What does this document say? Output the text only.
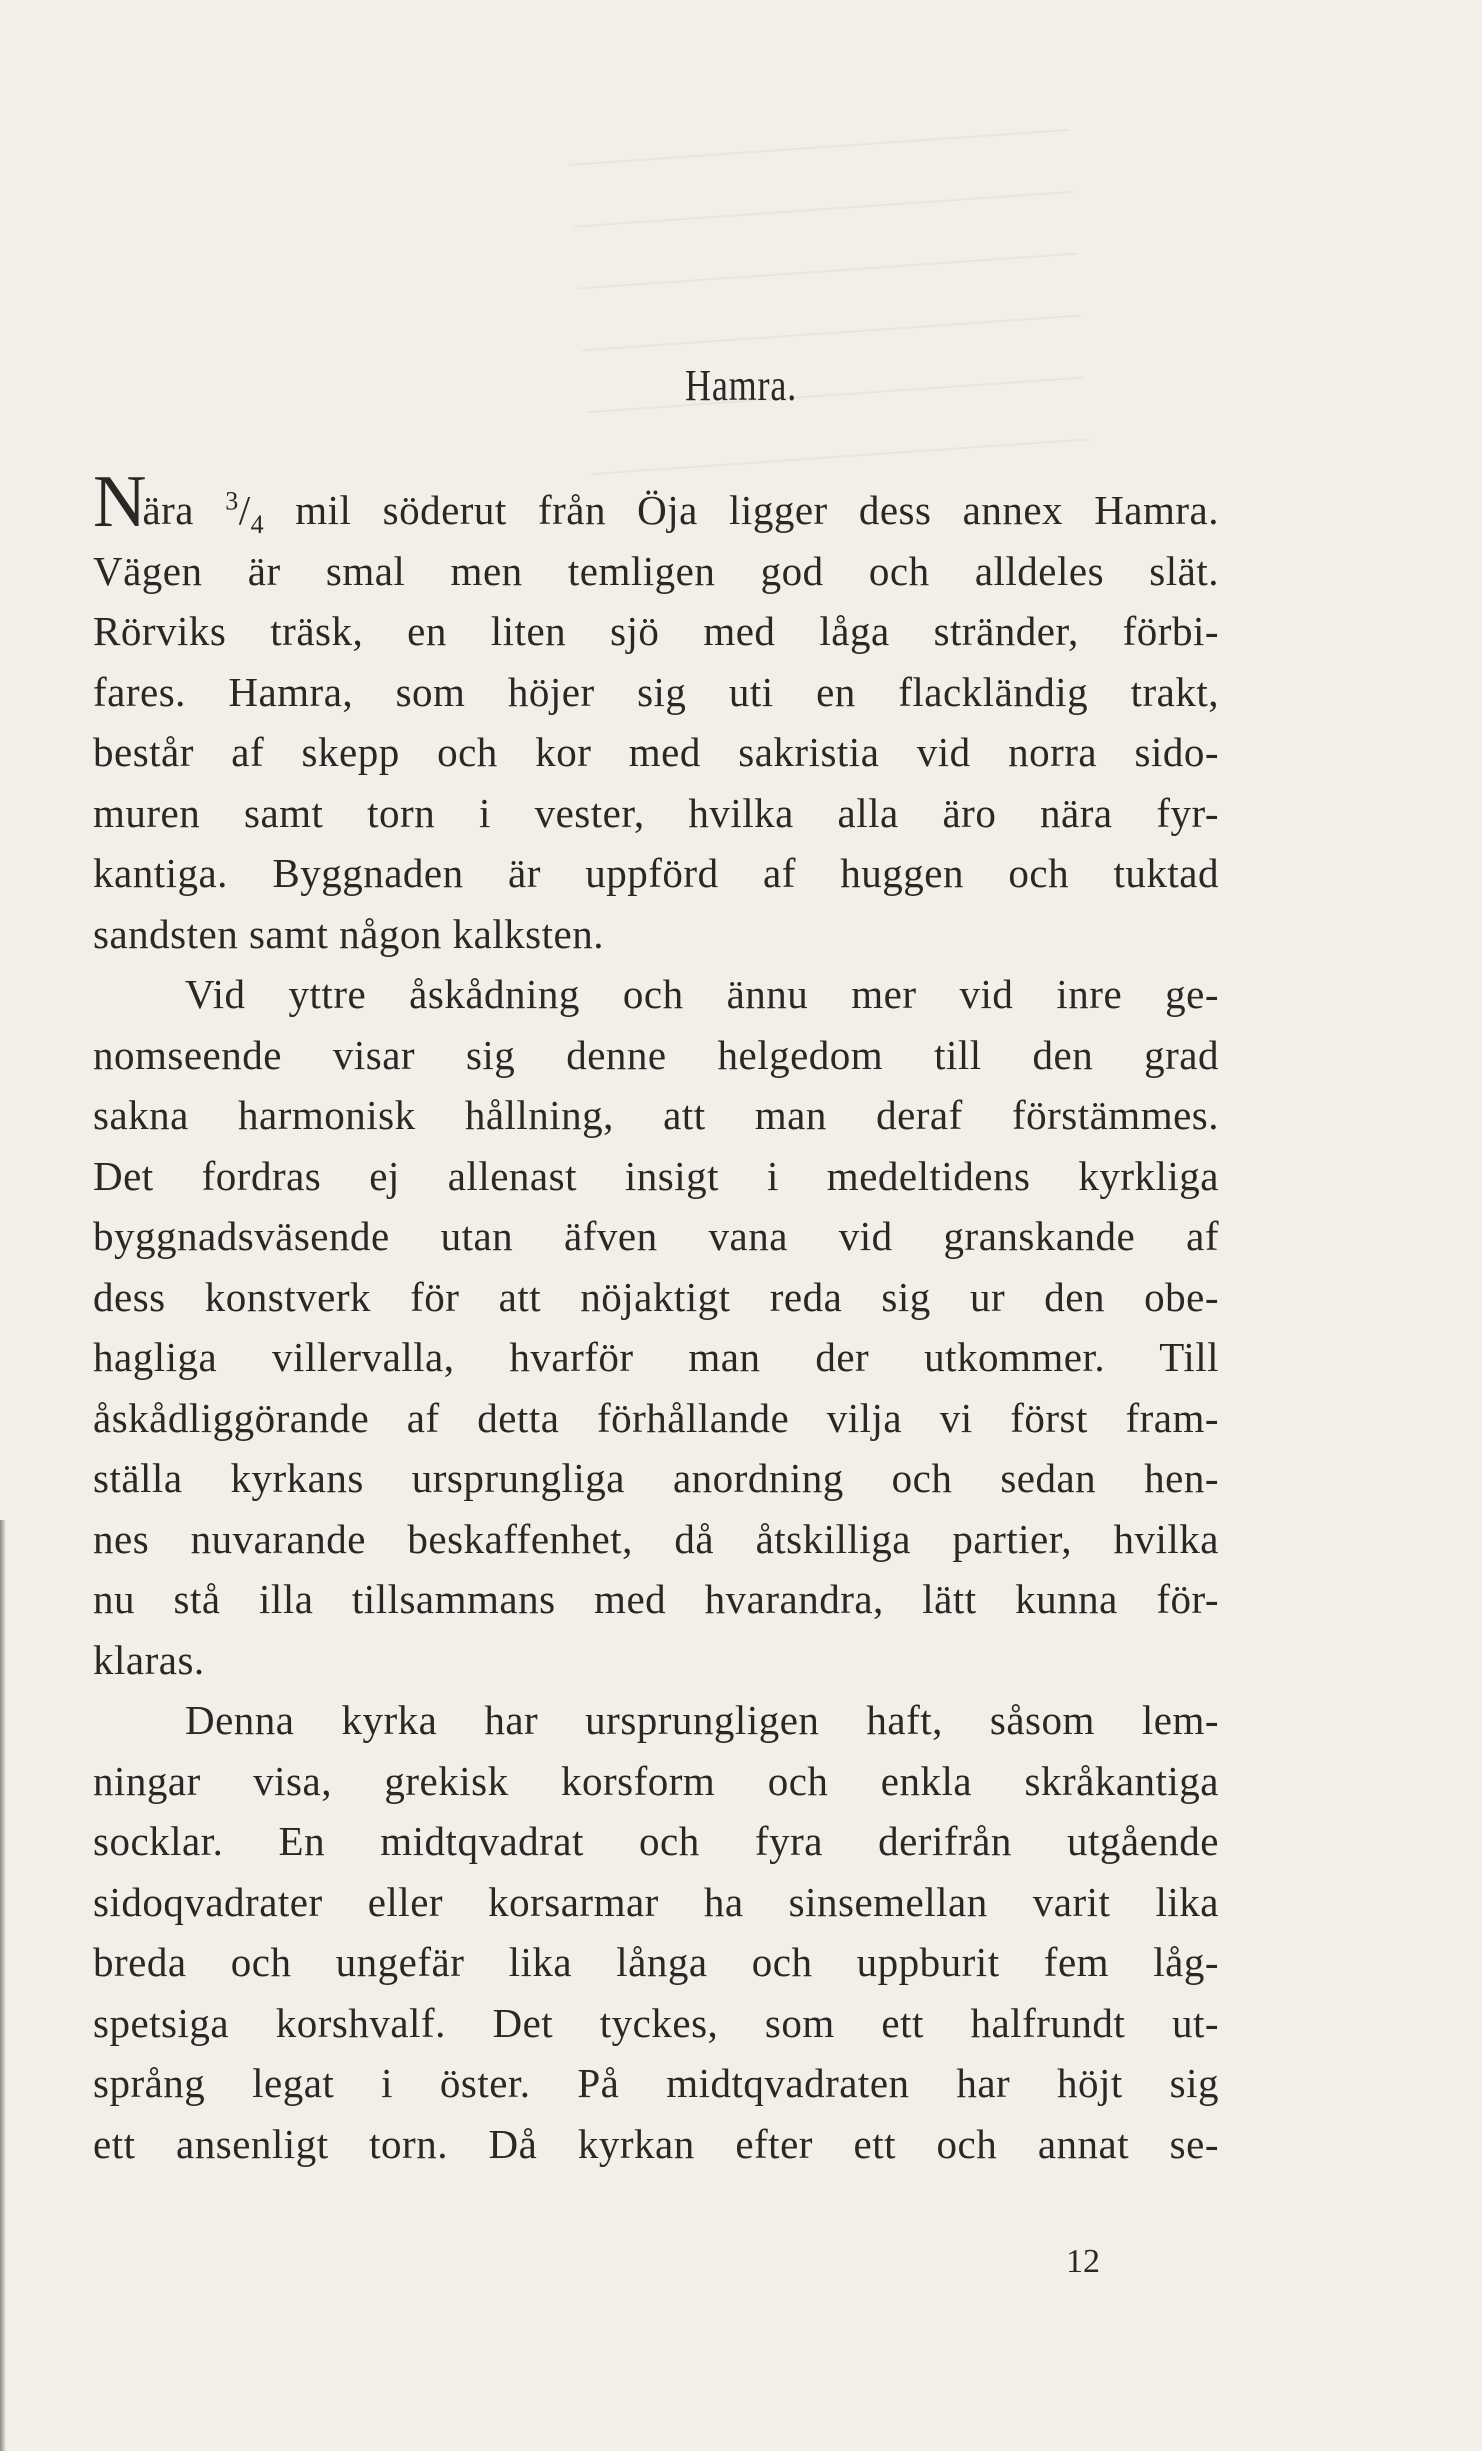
Hamra.
Nära $^3/_4$ mil söderut från Öja ligger dess annex Hamra.
Vägen är smal men temligen god och alldeles slät.
Rörviks träsk, en liten sjö med låga stränder, förbi-
fares. Hamra, som höjer sig uti en flackländig trakt,
består af skepp och kor med sakristia vid norra sido-
muren samt torn i vester, hvilka alla äro nära fyr-
kantiga. Byggnaden är uppförd af huggen och tuktad
sandsten samt någon kalksten.
Vid yttre åskådning och ännu mer vid inre ge-
nomseende visar sig denne helgedom till den grad
sakna harmonisk hållning, att man deraf förstämmes.
Det fordras ej allenast insigt i medeltidens kyrkliga
byggnadsväsende utan äfven vana vid granskande af
dess konstverk för att nöjaktigt reda sig ur den obe-
hagliga villervalla, hvarför man der utkommer. Till
åskådliggörande af detta förhållande vilja vi först fram-
ställa kyrkans ursprungliga anordning och sedan hen-
nes nuvarande beskaffenhet, då åtskilliga partier, hvilka
nu stå illa tillsammans med hvarandra, lätt kunna för-
klaras.
Denna kyrka har ursprungligen haft, såsom lem-
ningar visa, grekisk korsform och enkla skråkantiga
socklar. En midtqvadrat och fyra derifrån utgående
sidoqvadrater eller korsarmar ha sinsemellan varit lika
breda och ungefär lika långa och uppburit fem låg-
spetsiga korshvalf. Det tyckes, som ett halfrundt ut-
språng legat i öster. På midtqvadraten har höjt sig
ett ansenligt torn. Då kyrkan efter ett och annat se-

12
